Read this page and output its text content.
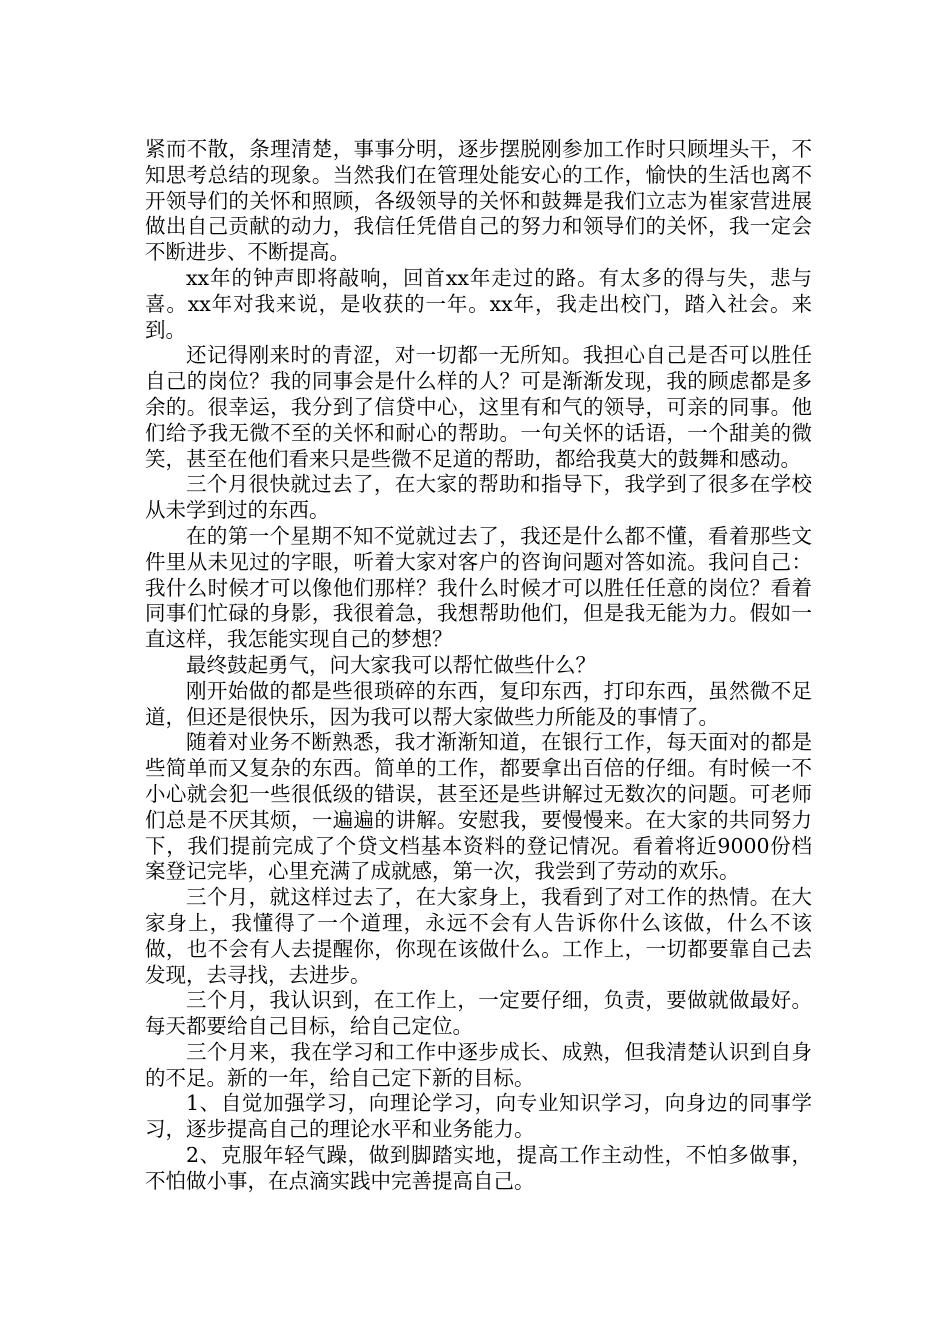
紧而不散，条理清楚，事事分明，逐步摆脱刚参加工作时只顾埋头干，不知思考总结的现象。当然我们在管理处能安心的工作，愉快的生活也离不开领导们的关怀和照顾，各级领导的关怀和鼓舞是我们立志为崔家营进展做出自己贡献的动力，我信任凭借自己的努力和领导们的关怀，我一定会不断进步、不断提高。

xx年的钟声即将敲响，回首xx年走过的路。有太多的得与失，悲与喜。xx年对我来说，是收获的一年。xx年，我走出校门，踏入社会。来到。

还记得刚来时的青涩，对一切都一无所知。我担心自己是否可以胜任自己的岗位？我的同事会是什么样的人？可是渐渐发现，我的顾虑都是多余的。很幸运，我分到了信贷中心，这里有和气的领导，可亲的同事。他们给予我无微不至的关怀和耐心的帮助。一句关怀的话语，一个甜美的微笑，甚至在他们看来只是些微不足道的帮助，都给我莫大的鼓舞和感动。

三个月很快就过去了，在大家的帮助和指导下，我学到了很多在学校从未学到过的东西。

在的第一个星期不知不觉就过去了，我还是什么都不懂，看着那些文件里从未见过的字眼，听着大家对客户的咨询问题对答如流。我问自己：我什么时候才可以像他们那样？我什么时候才可以胜任任意的岗位？看着同事们忙碌的身影，我很着急，我想帮助他们，但是我无能为力。假如一直这样，我怎能实现自己的梦想？

最终鼓起勇气，问大家我可以帮忙做些什么？

刚开始做的都是些很琐碎的东西，复印东西，打印东西，虽然微不足道，但还是很快乐，因为我可以帮大家做些力所能及的事情了。

随着对业务不断熟悉，我才渐渐知道，在银行工作，每天面对的都是些简单而又复杂的东西。简单的工作，都要拿出百倍的仔细。有时候一不小心就会犯一些很低级的错误，甚至还是些讲解过无数次的问题。可老师们总是不厌其烦，一遍遍的讲解。安慰我，要慢慢来。在大家的共同努力下，我们提前完成了个贷文档基本资料的登记情况。看着将近9000份档案登记完毕，心里充满了成就感，第一次，我尝到了劳动的欢乐。

三个月，就这样过去了，在大家身上，我看到了对工作的热情。在大家身上，我懂得了一个道理，永远不会有人告诉你什么该做，什么不该做，也不会有人去提醒你，你现在该做什么。工作上，一切都要靠自己去发现，去寻找，去进步。

三个月，我认识到，在工作上，一定要仔细，负责，要做就做最好。每天都要给自己目标，给自己定位。

三个月来，我在学习和工作中逐步成长、成熟，但我清楚认识到自身的不足。新的一年，给自己定下新的目标。

1、自觉加强学习，向理论学习，向专业知识学习，向身边的同事学习，逐步提高自己的理论水平和业务能力。

2、克服年轻气躁，做到脚踏实地，提高工作主动性，不怕多做事，不怕做小事，在点滴实践中完善提高自己。
